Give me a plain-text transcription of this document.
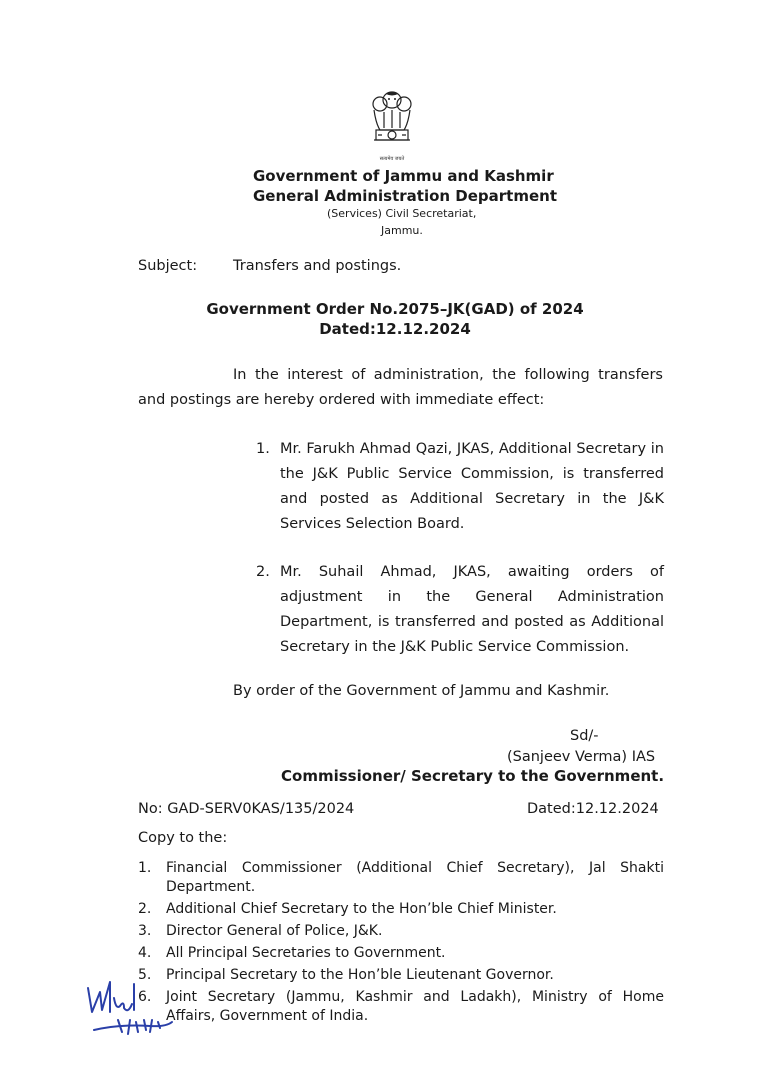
सत्यमेव जयते
Government of Jammu and Kashmir
General Administration Department
(Services) Civil Secretariat,
Jammu.
Subject: Transfers and postings.
Government Order No.2075–JK(GAD) of 2024
Dated:12.12.2024
In the interest of administration, the following transfers and postings are hereby ordered with immediate effect:
1. Mr. Farukh Ahmad Qazi, JKAS, Additional Secretary in the J&K Public Service Commission, is transferred and posted as Additional Secretary in the J&K Services Selection Board.
2. Mr. Suhail Ahmad, JKAS, awaiting orders of adjustment in the General Administration Department, is transferred and posted as Additional Secretary in the J&K Public Service Commission.
By order of the Government of Jammu and Kashmir.
Sd/-
(Sanjeev Verma) IAS
Commissioner/ Secretary to the Government.
No: GAD-SERV0KAS/135/2024	Dated:12.12.2024
Copy to the:
1. Financial Commissioner (Additional Chief Secretary), Jal Shakti Department.
2. Additional Chief Secretary to the Hon’ble Chief Minister.
3. Director General of Police, J&K.
4. All Principal Secretaries to Government.
5. Principal Secretary to the Hon’ble Lieutenant Governor.
6. Joint Secretary (Jammu, Kashmir and Ladakh), Ministry of Home Affairs, Government of India.
